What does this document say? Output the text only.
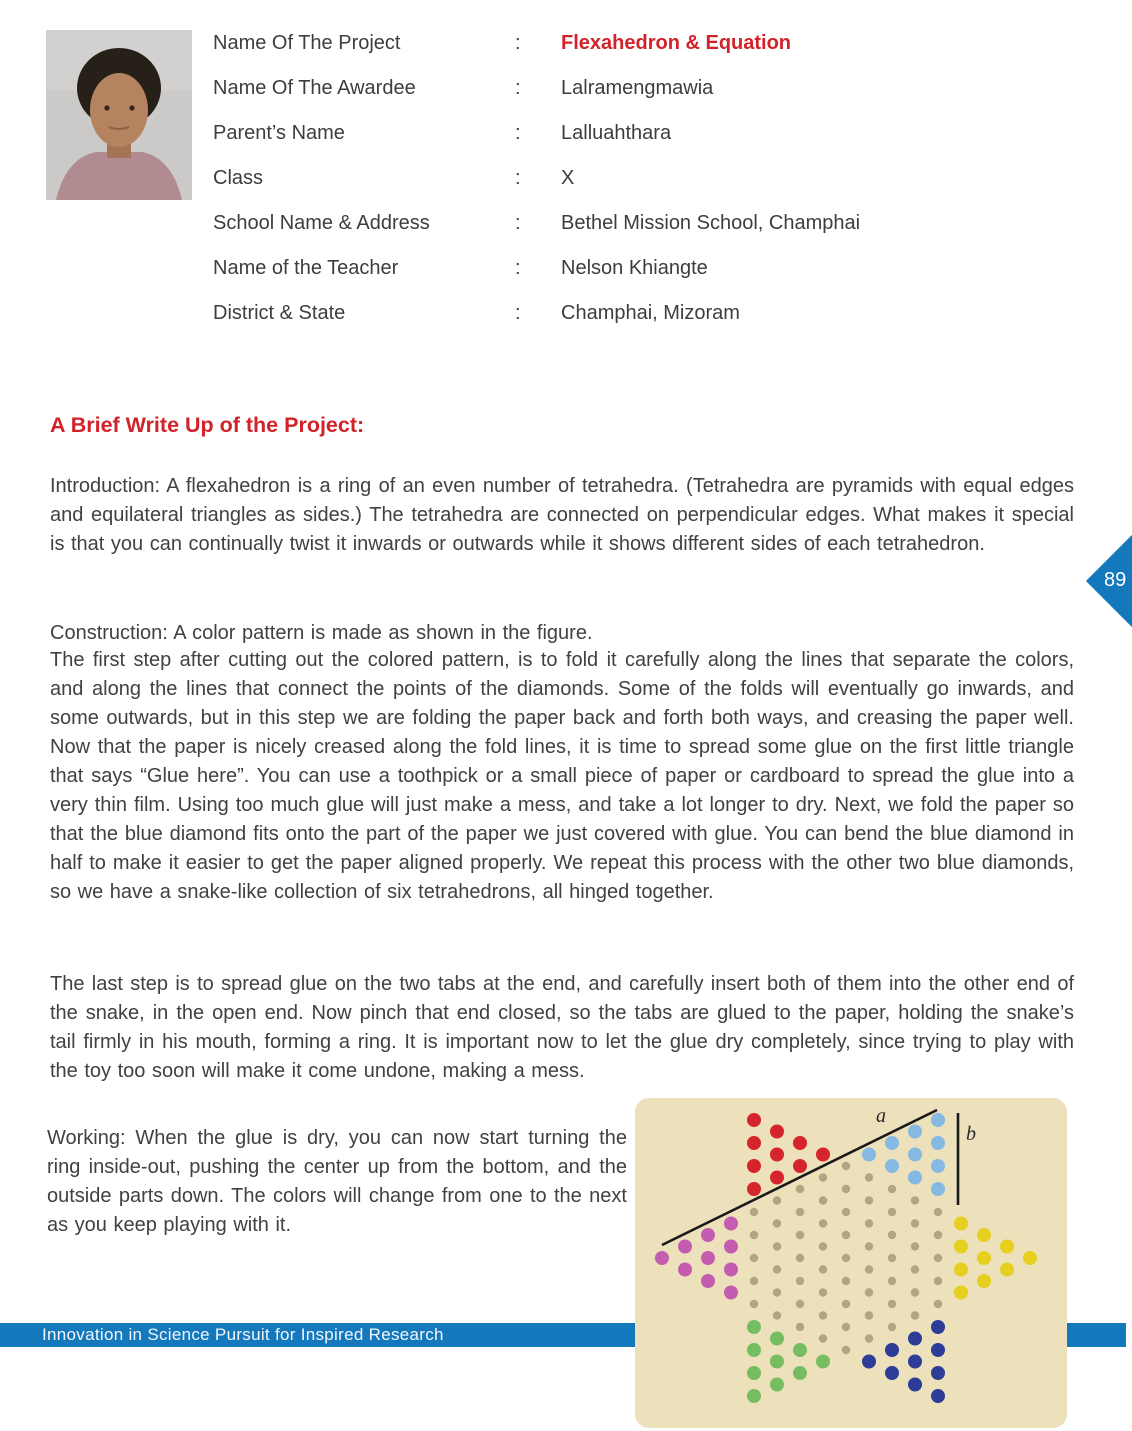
Name Of The Project	:	Flexahedron & Equation
Name Of The Awardee	:	Lalramengmawia
Parent’s Name	:	Lalluahthara
Class	:	X
School Name & Address	:	Bethel Mission School, Champhai
Name of the Teacher	:	Nelson Khiangte
District & State	:	Champhai, Mizoram
A Brief Write Up of the Project:
Introduction: A flexahedron is a ring of an even number of tetrahedra. (Tetrahedra are pyramids with equal edges and equilateral triangles as sides.) The tetrahedra are connected on perpendicular edges. What makes it special is that you can continually twist it inwards or outwards while it shows different sides of each tetrahedron.
Construction: A color pattern is made as shown in the figure.
The first step after cutting out the colored pattern, is to fold it carefully along the lines that separate the colors, and along the lines that connect the points of the diamonds. Some of the folds will eventually go inwards, and some outwards, but in this step we are folding the paper back and forth both ways, and creasing the paper well. Now that the paper is nicely creased along the fold lines, it is time to spread some glue on the first little triangle that says “Glue here”. You can use a toothpick or a small piece of paper or cardboard to spread the glue into a very thin film. Using too much glue will just make a mess, and take a lot longer to dry. Next, we fold the paper so that the blue diamond fits onto the part of the paper we just covered with glue. You can bend the blue diamond in half to make it easier to get the paper aligned properly. We repeat this process with the other two blue diamonds, so we have a snake-like collection of six tetrahedrons, all hinged together.
The last step is to spread glue on the two tabs at the end, and carefully insert both of them into the other end of the snake, in the open end. Now pinch that end closed, so the tabs are glued to the paper, holding the snake’s tail firmly in his mouth, forming a ring. It is important now to let the glue dry completely, since trying to play with the toy too soon will make it come undone, making a mess.
Working: When the glue is dry, you can now start turning the ring inside-out, pushing the center up from the bottom, and the outside parts down. The colors will change from one to the next as you keep playing with it.
Innovation in Science Pursuit for Inspired Research
a
b
89
